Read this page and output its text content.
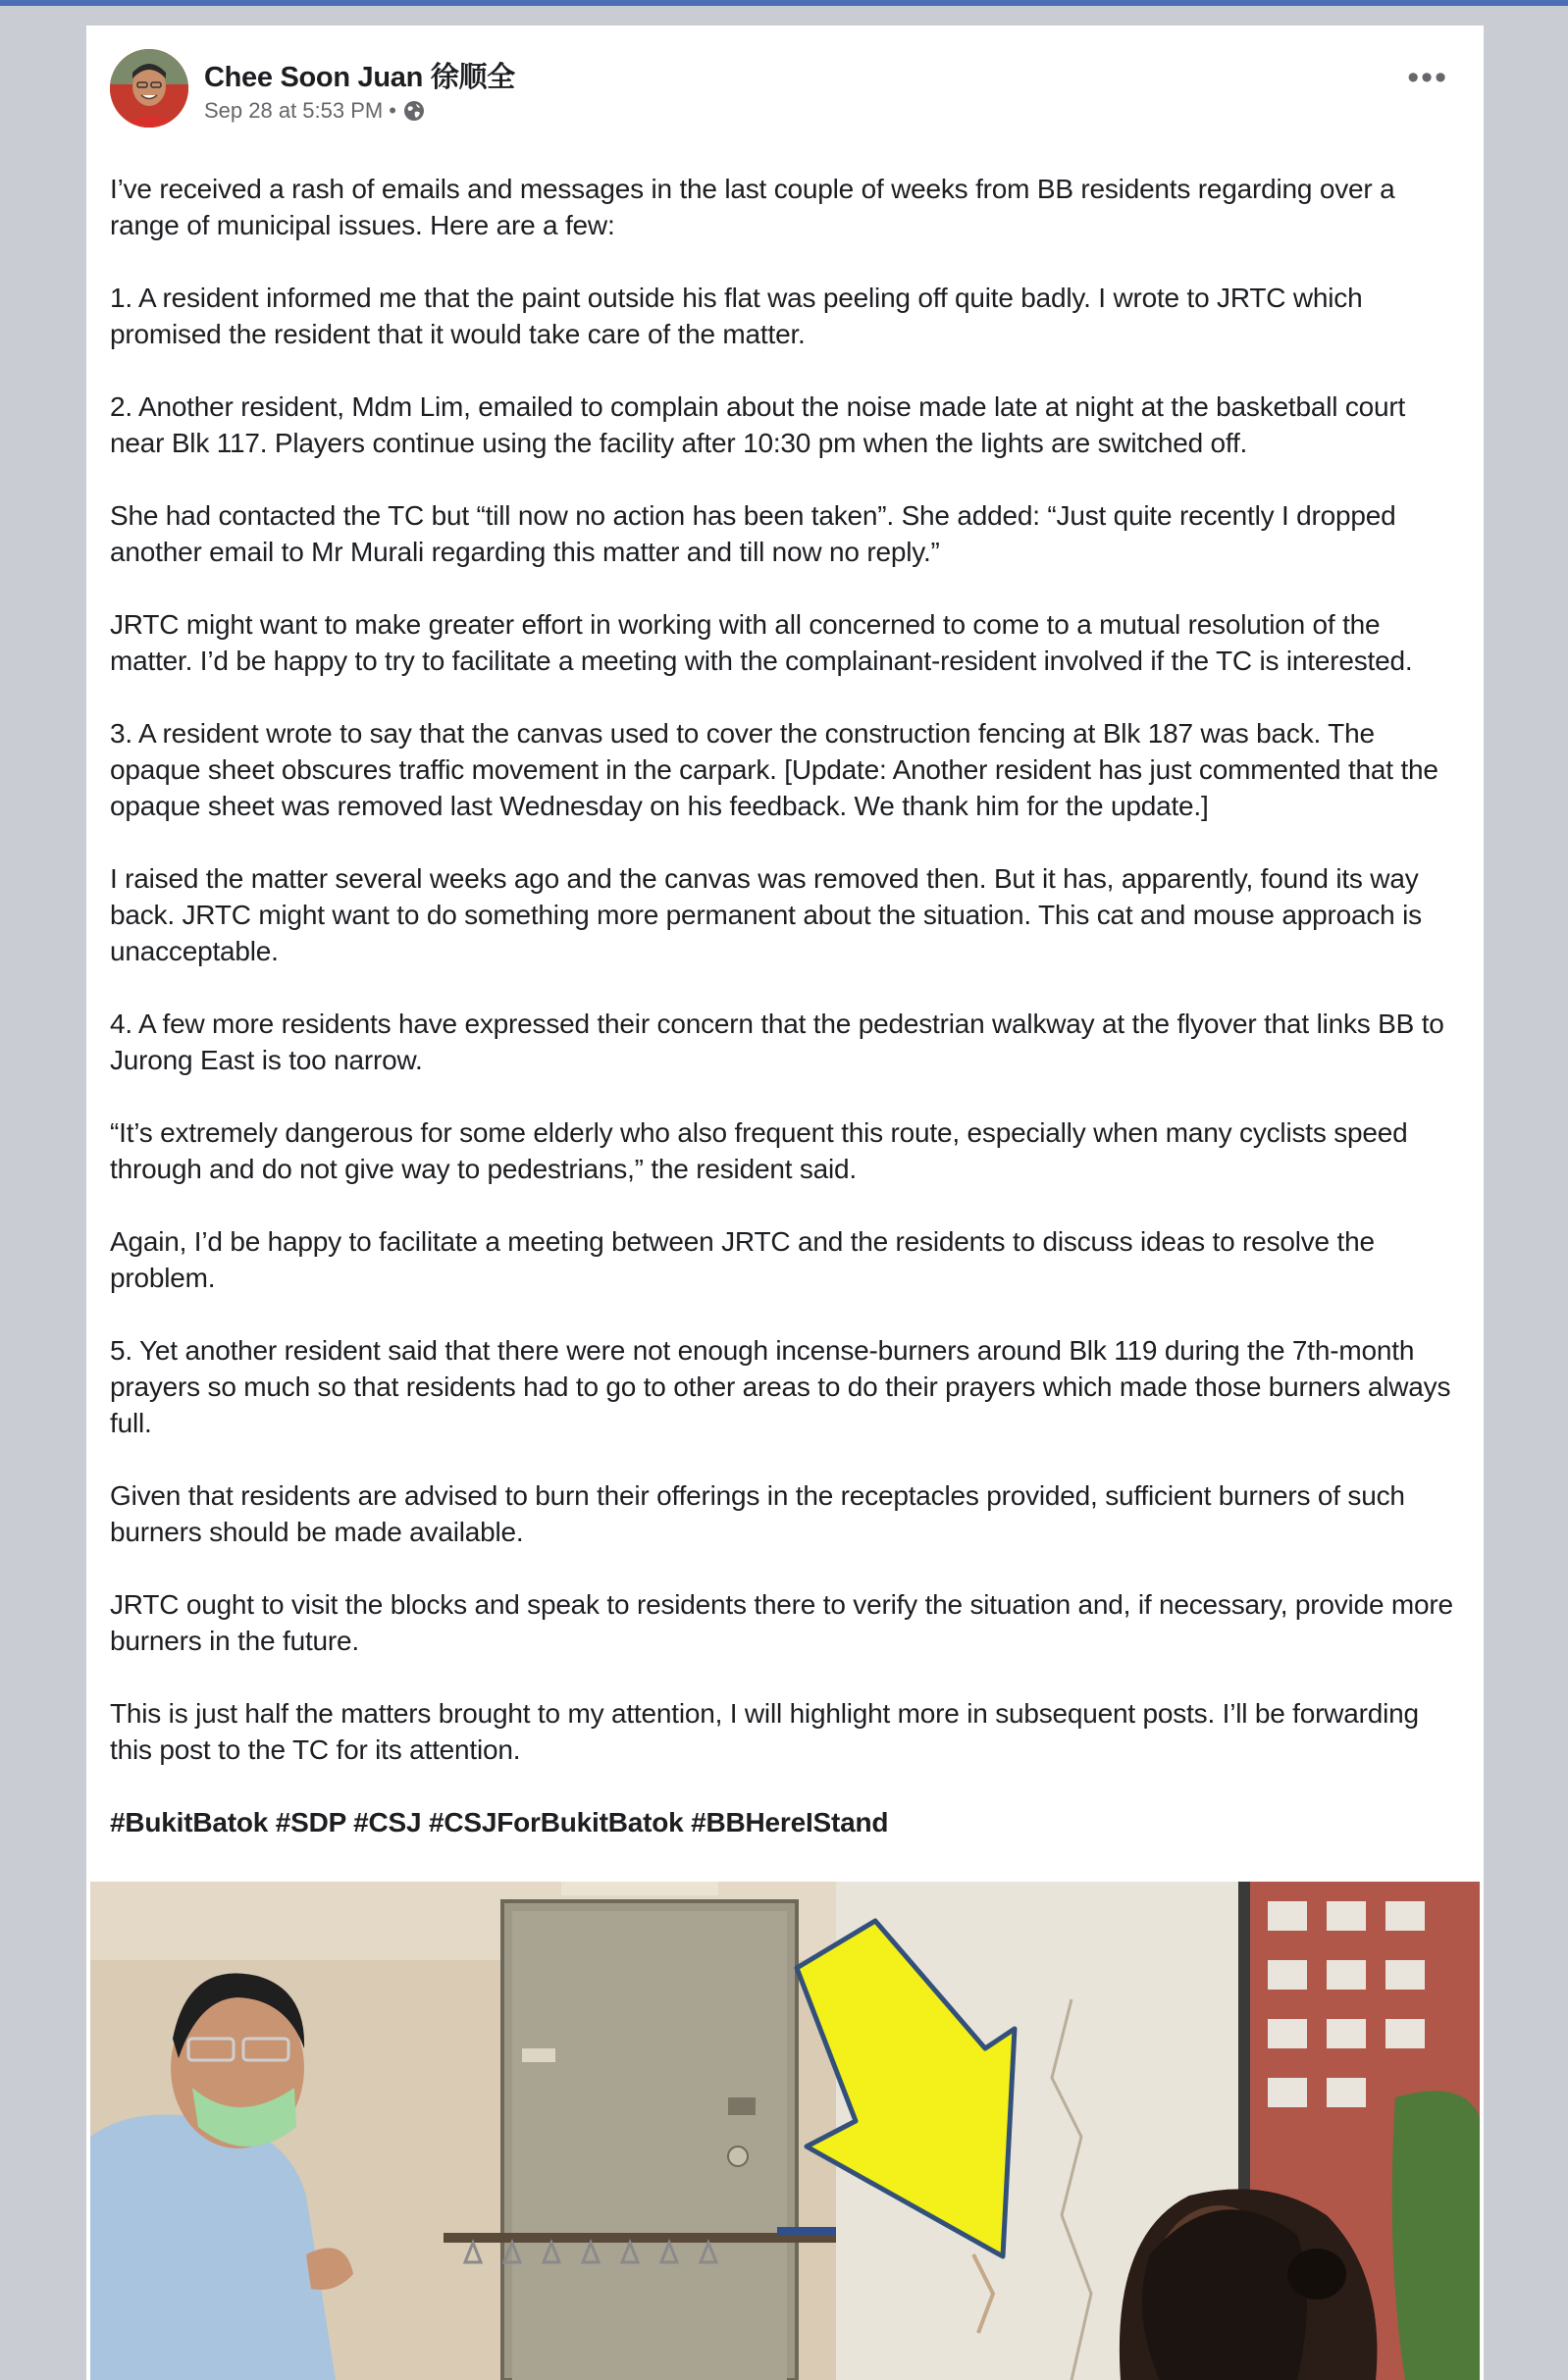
Chee Soon Juan 徐顺全
Sep 28 at 5:53 PM •
•••

I’ve received a rash of emails and messages in the last couple of weeks from BB residents regarding over a range of municipal issues. Here are a few:

1. A resident informed me that the paint outside his flat was peeling off quite badly. I wrote to JRTC which promised the resident that it would take care of the matter.

2. Another resident, Mdm Lim, emailed to complain about the noise made late at night at the basketball court near Blk 117. Players continue using the facility after 10:30 pm when the lights are switched off.

She had contacted the TC but “till now no action has been taken”. She added: “Just quite recently I dropped another email to Mr Murali regarding this matter and till now no reply.”

JRTC might want to make greater effort in working with all concerned to come to a mutual resolution of the matter. I’d be happy to try to facilitate a meeting with the complainant-resident involved if the TC is interested.

3. A resident wrote to say that the canvas used to cover the construction fencing at Blk 187 was back. The opaque sheet obscures traffic movement in the carpark. [Update: Another resident has just commented that the opaque sheet was removed last Wednesday on his feedback. We thank him for the update.]

I raised the matter several weeks ago and the canvas was removed then. But it has, apparently, found its way back. JRTC might want to do something more permanent about the situation. This cat and mouse approach is unacceptable.

4. A few more residents have expressed their concern that the pedestrian walkway at the flyover that links BB to Jurong East is too narrow.

“It’s extremely dangerous for some elderly who also frequent this route, especially when many cyclists speed through and do not give way to pedestrians,” the resident said.

Again, I’d be happy to facilitate a meeting between JRTC and the residents to discuss ideas to resolve the problem.

5. Yet another resident said that there were not enough incense-burners around Blk 119 during the 7th-month prayers so much so that residents had to go to other areas to do their prayers which made those burners always full.

Given that residents are advised to burn their offerings in the receptacles provided, sufficient burners of such burners should be made available.

JRTC ought to visit the blocks and speak to residents there to verify the situation and, if necessary, provide more burners in the future.

This is just half the matters brought to my attention, I will highlight more in subsequent posts. I’ll be forwarding this post to the TC for its attention.

#BukitBatok #SDP #CSJ #CSJForBukitBatok #BBHereIStand
